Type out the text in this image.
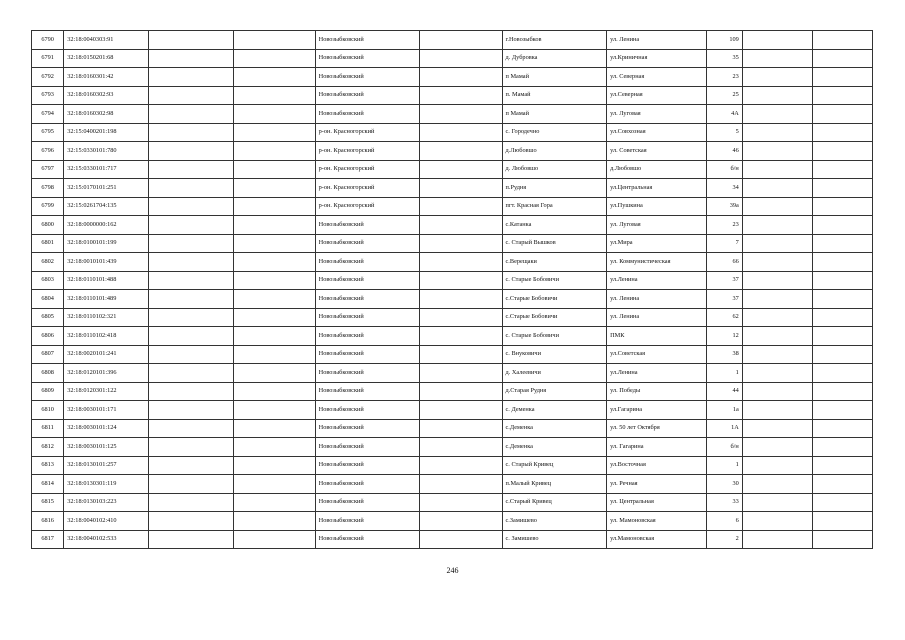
6790	32:18:0040303:91			Новозыбковский		г.Новозыбков	ул. Ленина	109		
6791	32:18:0150201:68			Новозыбковский		д. Дубровка	ул.Криничная	35		
6792	32:18:0160301:42			Новозыбковский		п Мамай	ул. Северная	23		
6793	32:18:0160302:93			Новозыбковский		п. Мамай	ул.Северная	25		
6794	32:18:0160302:98			Новозыбковский		п Мамай	ул. Луговая	4А		
6795	32:15:0400201:198			р-он. Красногорский		с. Городечно	ул.Совхозная	5		
6796	32:15:0330101:780			р-он. Красногорский		д.Любовшо	ул. Советская	46		
6797	32:15:0330101:717			р-он. Красногорский		д. Любовшо	д.Любовшо	б/н		
6798	32:15:0170101:251			р-он. Красногорский		п.Рудня	ул.Центральная	34		
6799	32:15:0261704:135			р-он. Красногорский		пгт. Красная Гора	ул.Пушкина	39а		
6800	32:18:0000000:162			Новозыбковский		с.Катанка	ул. Луговая	23		
6801	32:18:0100101:199			Новозыбковский		с. Старый Вышков	ул.Мира	7		
6802	32:18:0010101:439			Новозыбковский		с.Верещаки	ул. Коммунистическая	66		
6803	32:18:0110101:488			Новозыбковский		с. Старые Бобовичи	ул.Ленина	37		
6804	32:18:0110101:489			Новозыбковский		с.Старые Бобовичи	ул. Ленина	37		
6805	32:18:0110102:321			Новозыбковский		с.Старые Бобовичи	ул. Ленина	62		
6806	32:18:0110102:418			Новозыбковский		с. Старые Бобовичи	ПМК	12		
6807	32:18:0020101:241			Новозыбковский		с. Внуковичи	ул.Советская	38		
6808	32:18:0120101:396			Новозыбковский		д. Халеевичи	ул.Ленина	1		
6809	32:18:0120301:122			Новозыбковский		д.Старая Рудня	ул. Победы	44		
6810	32:18:0030101:171			Новозыбковский		с. Деменка	ул.Гагарина	1а		
6811	32:18:0030101:124			Новозыбковский		с.Деменка	ул. 50 лет Октября	1А		
6812	32:18:0030101:125			Новозыбковский		с.Деменка	ул. Гагарина	б/н		
6813	32:18:0130101:257			Новозыбковский		с. Старый Кривец	ул.Восточная	1		
6814	32:18:0130301:119			Новозыбковский		п.Малый Кривец	ул. Речная	30		
6815	32:18:0130103:223			Новозыбковский		с.Старый Кривец	ул. Центральная	33		
6816	32:18:0040102:410			Новозыбковский		с.Замишево	ул. Мамоновская	6		
6817	32:18:0040102:533			Новозыбковский		с. Замишево	ул.Мамоновская	2		
246
